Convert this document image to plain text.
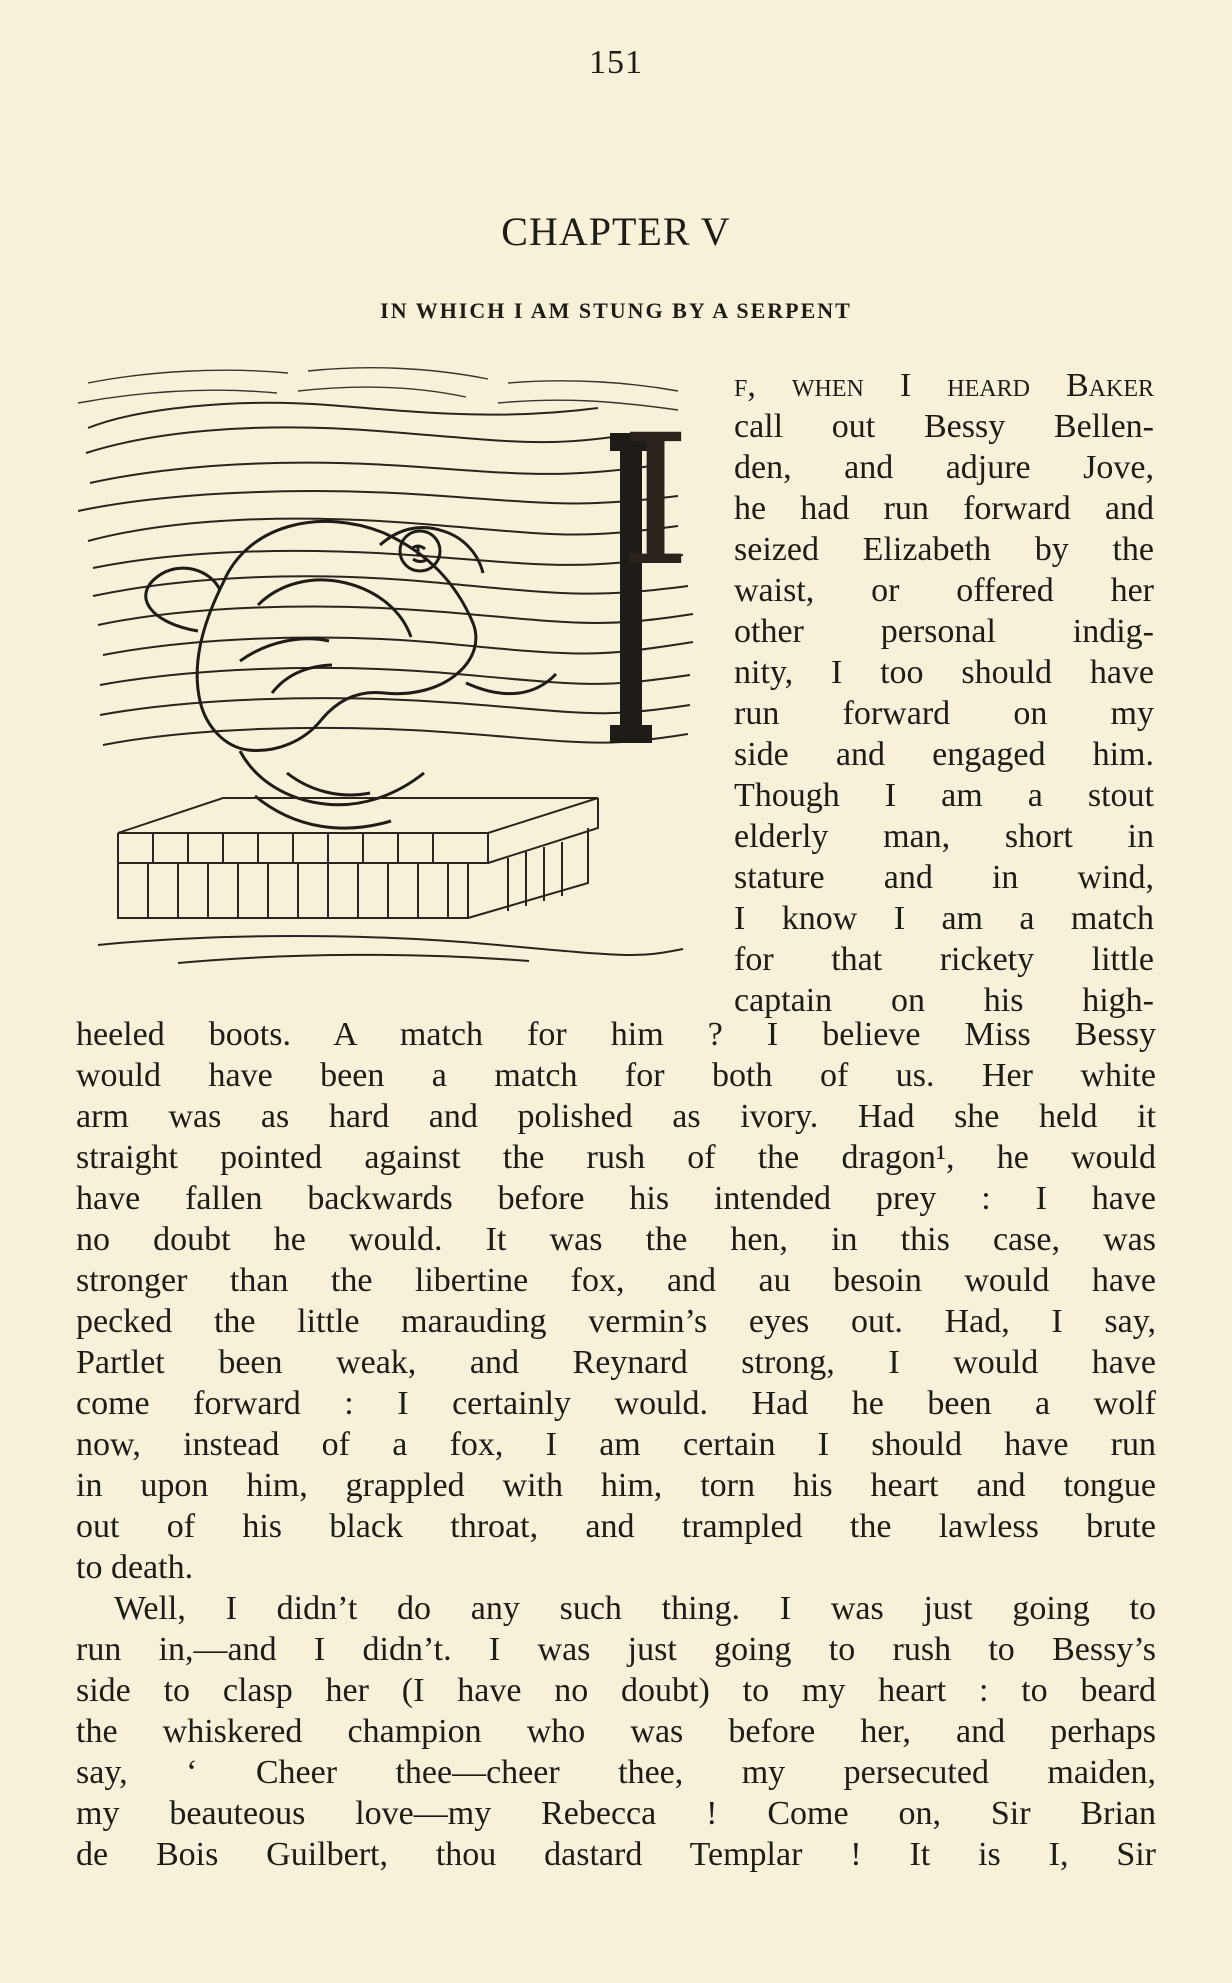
151
CHAPTER V
IN WHICH I AM STUNG BY A SERPENT
f, when I heard Baker
call out Bessy Bellen-
den, and adjure Jove,
he had run forward and
seized Elizabeth by the
waist, or offered her
other personal indig-
nity, I too should have
run forward on my
side and engaged him.
Though I am a stout
elderly man, short in
stature and in wind,
I know I am a match
for that rickety little
captain on his high-
I
heeled boots. A match for him ? I believe Miss Bessy
would have been a match for both of us. Her white
arm was as hard and polished as ivory. Had she held it
straight pointed against the rush of the dragon¹, he would
have fallen backwards before his intended prey : I have
no doubt he would. It was the hen, in this case, was
stronger than the libertine fox, and au besoin would have
pecked the little marauding vermin’s eyes out. Had, I say,
Partlet been weak, and Reynard strong, I would have
come forward : I certainly would. Had he been a wolf
now, instead of a fox, I am certain I should have run
in upon him, grappled with him, torn his heart and tongue
out of his black throat, and trampled the lawless brute
to death.
Well, I didn’t do any such thing. I was just going to
run in,—and I didn’t. I was just going to rush to Bessy’s
side to clasp her (I have no doubt) to my heart : to beard
the whiskered champion who was before her, and perhaps
say, ‘ Cheer thee—cheer thee, my persecuted maiden,
my beauteous love—my Rebecca ! Come on, Sir Brian
de Bois Guilbert, thou dastard Templar ! It is I, Sir
